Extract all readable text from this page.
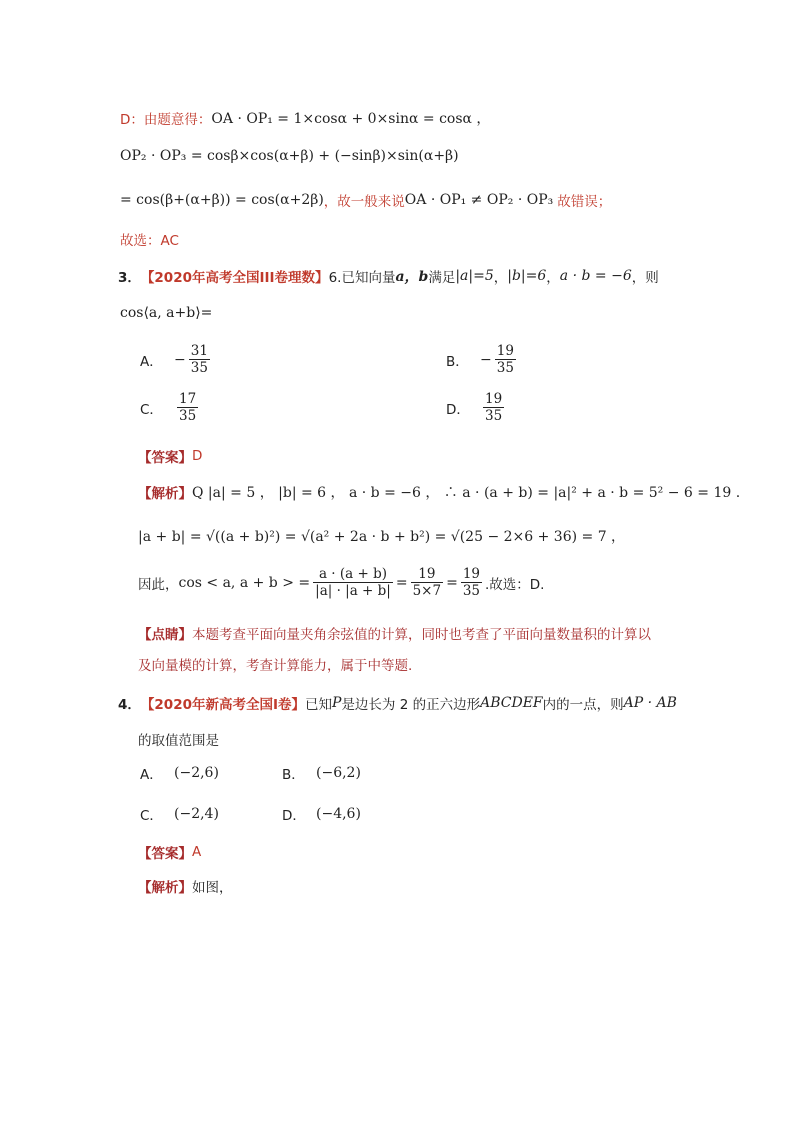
D：由题意得： OA · OP₁ = 1×cosα + 0×sinα = cosα ，
OP₂ · OP₃ = cosβ×cos(α+β) + (−sinβ)×sin(α+β)
= cos(β+(α+β)) = cos(α+2β) ，故一般来说 OA · OP₁ ≠ OP₂ · OP₃ 故错误；
故选：AC
3． 【2020年高考全国III卷理数】 6.已知向量 a，b 满足 |a|=5 ， |b|=6 ， a · b = −6 ，则
cos⟨a, a+b⟩=
A． − $\frac{31}{35}$	B． − $\frac{19}{35}$
C．	$\frac{17}{35}$	D． $\frac{19}{35}$
【答案】 D
【解析】 Q |a| = 5 ， |b| = 6 ， a · b = −6 ， ∴ a · (a + b) = |a|² + a · b = 5² − 6 = 19 .
|a + b| = √((a + b)²) = √(a² + 2a · b + b²) = √(25 − 2×6 + 36) = 7 ，
因此， cos < a, a + b > = $\frac{a \cdot (a + b)}{|a| \cdot |a + b|} = \frac{19}{5\times 7} = \frac{19}{35}$ .故选：D.
【点睛】 本题考查平面向量夹角余弦值的计算，同时也考查了平面向量数量积的计算以
及向量模的计算，考查计算能力，属于中等题.
4． 【2020年新高考全国Ⅰ卷】 已知 P 是边长为 2 的正六边形 ABCDEF 内的一点，则 AP · AB
的取值范围是
A． (−2,6)	B． (−6,2)
C． (−2,4)	D． (−4,6)
【答案】 A
【解析】 如图，
